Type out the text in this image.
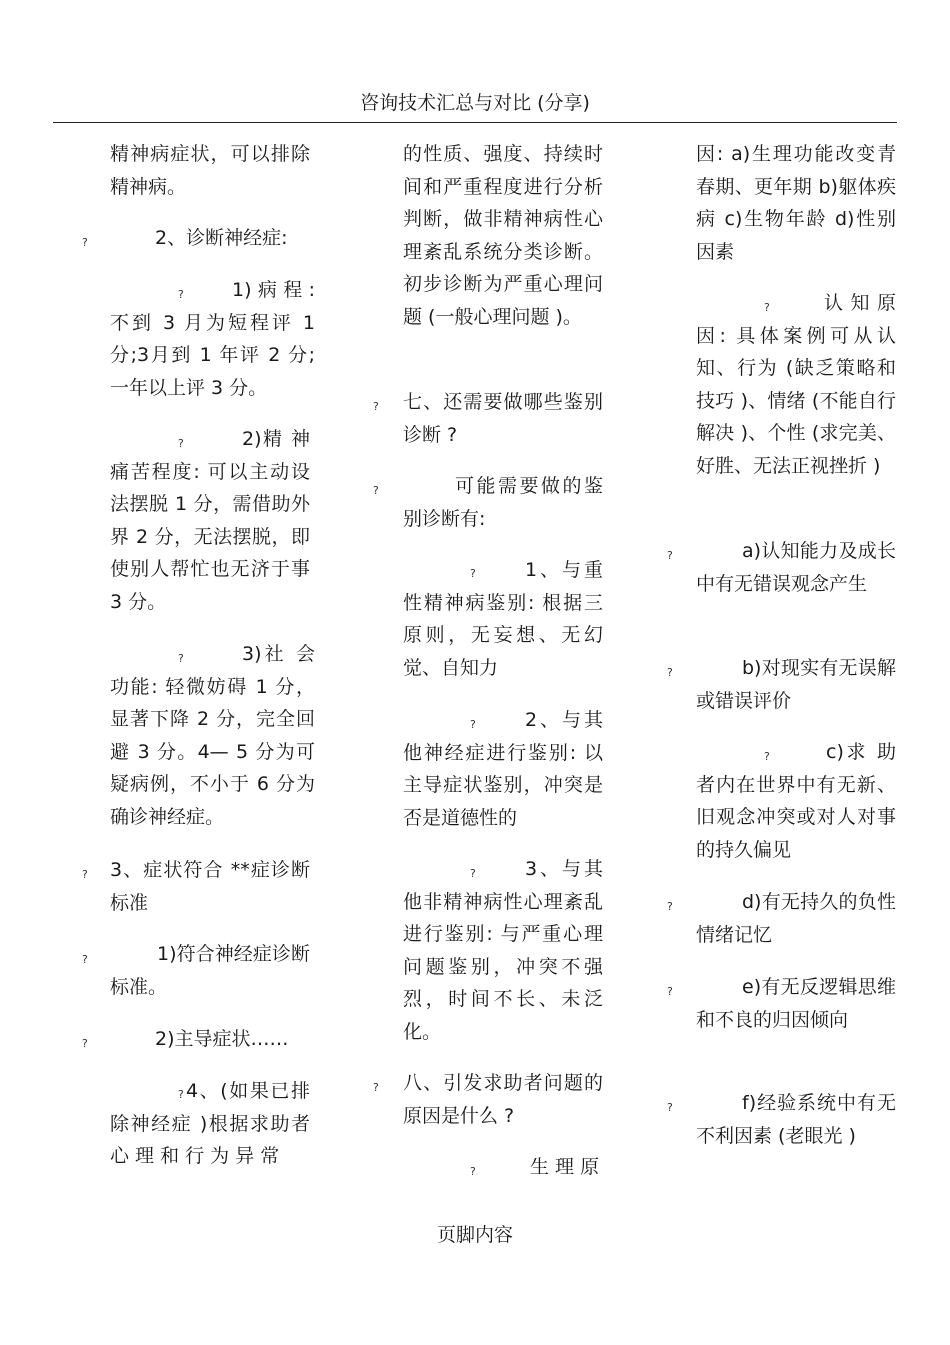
咨询技术汇总与对比 (分享)

精神病症状，可以排除精神病。

?	2、诊断神经症:

?	1)病程: 不到 3 月为短程评 1 分;3月到 1 年评 2 分; 一年以上评 3 分。

?	2)精 神 痛苦程度: 可以主动设法摆脱 1 分，需借助外界 2 分，无法摆脱，即使别人帮忙也无济于事 3 分。

?	3)社 会 功能: 轻微妨碍 1 分，显著下降 2 分，完全回避 3 分。4— 5 分为可疑病例，不小于 6 分为确诊神经症。

? 3、症状符合 **症诊断标准

?	1)符合神经症诊断标准。

?	2)主导症状……

? 4、(如果已排除神经症 )根据求助者 心 理 和 行 为 异 常

的性质、强度、持续时间和严重程度进行分析判断，做非精神病性心理紊乱系统分类诊断。初步诊断为严重心理问题 (一般心理问题 )。

? 七、还需要做哪些鉴别诊断 ?

?	可能需要做的鉴别诊断有:

?	1、与重性精神病鉴别: 根据三原则，无妄想、无幻觉、自知力

?	2、与其他神经症进行鉴别: 以主导症状鉴别，冲突是否是道德性的

?	3、与其他非精神病性心理紊乱进行鉴别: 与严重心理问题鉴别，冲突不强烈，时间不长、未泛化。

? 八、引发求助者问题的原因是什么 ?

?	生 理 原

因: a)生理功能改变青春期、更年期 b)躯体疾病 c)生物年龄 d)性别因素

?	认 知 原 因: 具体案例可从认知、行为 (缺乏策略和技巧 )、情绪 (不能自行解决 )、个性 (求完美、好胜、无法正视挫折 )

?	a)认知能力及成长中有无错误观念产生

?	b)对现实有无误解或错误评价

?	c)求 助 者内在世界中有无新、旧观念冲突或对人对事的持久偏见

?	d)有无持久的负性情绪记忆

?	e)有无反逻辑思维和不良的归因倾向

?	f)经验系统中有无不利因素 (老眼光 )

页脚内容
